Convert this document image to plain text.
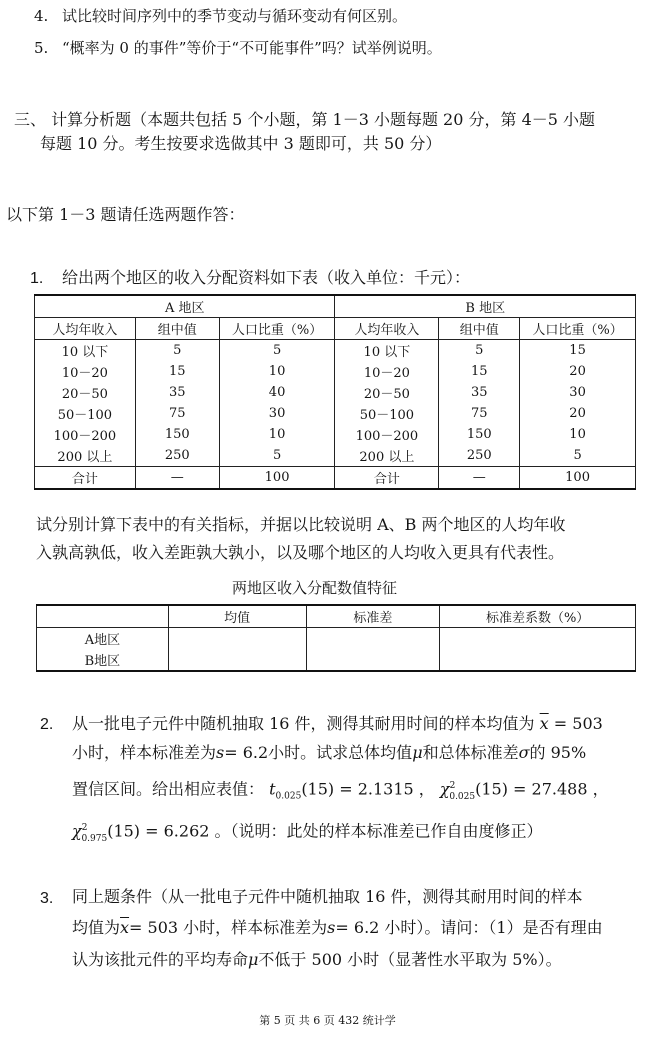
4. 试比较时间序列中的季节变动与循环变动有何区别。
5. “概率为 0 的事件”等价于“不可能事件”吗？试举例说明。
三、 计算分析题（本题共包括 5 个小题，第 1－3 小题每题 20 分，第 4－5 小题
每题 10 分。考生按要求选做其中 3 题即可，共 50 分）
以下第 1－3 题请任选两题作答：
1. 给出两个地区的收入分配资料如下表（收入单位：千元）：
A 地区			B 地区		
人均年收入	组中值	人口比重（%）	人均年收入	组中值	人口比重（%）
10 以下	5	5	10 以下	5	15
10－20	15	10	10－20	15	20
20－50	35	40	20－50	35	30
50－100	75	30	50－100	75	20
100－200	150	10	100－200	150	10
200 以上	250	5	200 以上	250	5
合计	—	100	合计	—	100
试分别计算下表中的有关指标，并据以比较说明 A、B 两个地区的人均年收
入孰高孰低，收入差距孰大孰小，以及哪个地区的人均收入更具有代表性。
两地区收入分配数值特征
	均值	标准差	标准差系数（%）
A地区			
B地区			
2. 从一批电子元件中随机抽取 16 件，测得其耐用时间的样本均值为 $\overline{x} = 503$
小时，样本标准差为s= 6.2小时。试求总体均值μ和总体标准差σ的 95%
置信区间。给出相应表值： $t_{0.025}(15) = 2.1315$ ， $\chi^2_{0.025}(15) = 27.488$ ，
$\chi^2_{0.975}(15) = 6.262$ 。（说明：此处的样本标准差已作自由度修正）
3. 同上题条件（从一批电子元件中随机抽取 16 件，测得其耐用时间的样本
均值为$\overline{x}= 503$ 小时，样本标准差为s= 6.2 小时）。请问：（1）是否有理由
认为该批元件的平均寿命μ不低于 500 小时（显著性水平取为 5%）。
第 5 页 共 6 页 432 统计学
